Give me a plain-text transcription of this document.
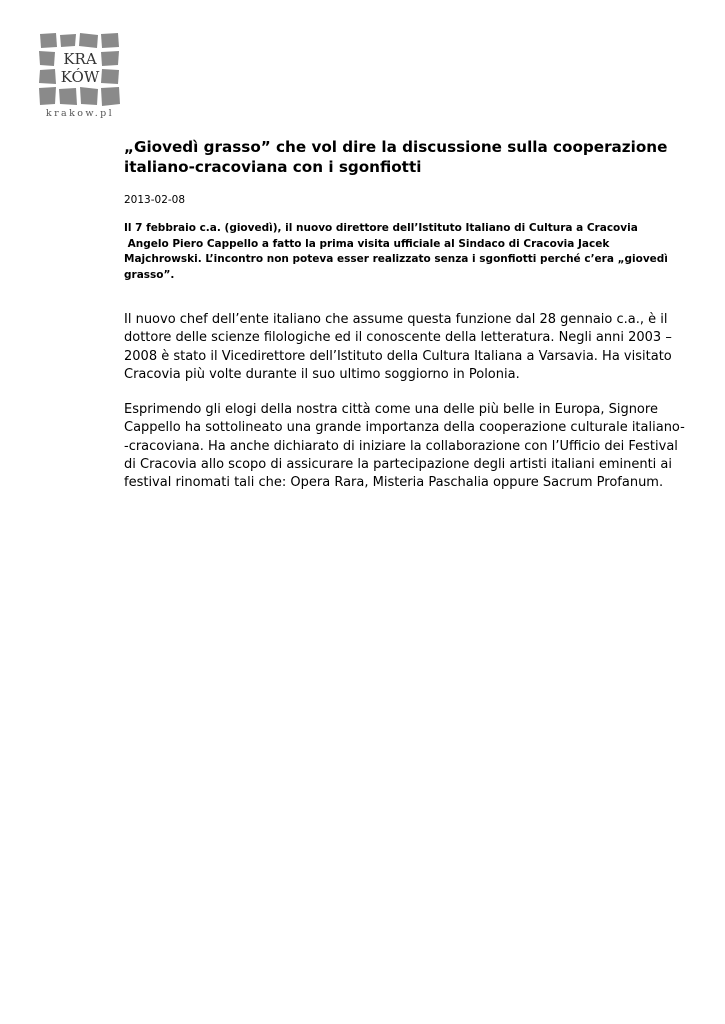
KRA
KÓW
krakow.pl
„Giovedì grasso” che vol dire la discussione sulla cooperazione
italiano-cracoviana con i sgonfiotti
2013-02-08
Il 7 febbraio c.a. (giovedì), il nuovo direttore dell’Istituto Italiano di Cultura a Cracovia
Angelo Piero Cappello a fatto la prima visita ufficiale al Sindaco di Cracovia Jacek
Majchrowski. L’incontro non poteva esser realizzato senza i sgonfiotti perché c’era „giovedì
grasso”.
Il nuovo chef dell’ente italiano che assume questa funzione dal 28 gennaio c.a., è il
dottore delle scienze filologiche ed il conoscente della letteratura. Negli anni 2003 –
2008 è stato il Vicedirettore dell’Istituto della Cultura Italiana a Varsavia. Ha visitato
Cracovia più volte durante il suo ultimo soggiorno in Polonia.
Esprimendo gli elogi della nostra città come una delle più belle in Europa, Signore
Cappello ha sottolineato una grande importanza della cooperazione culturale italiano-
-cracoviana. Ha anche dichiarato di iniziare la collaborazione con l’Ufficio dei Festival
di Cracovia allo scopo di assicurare la partecipazione degli artisti italiani eminenti ai
festival rinomati tali che: Opera Rara, Misteria Paschalia oppure Sacrum Profanum.
